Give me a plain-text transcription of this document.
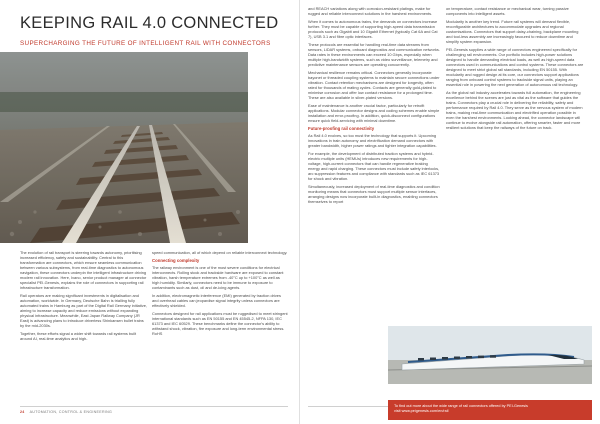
KEEPING RAIL 4.0 CONNECTED
SUPERCHARGING THE FUTURE OF INTELLIGENT RAIL WITH CONNECTORS

The evolution of rail transport is steering towards autonomy, prioritising increased efficiency, safety and sustainability. Central to this transformation are connectors, which ensure seamless communication between various subsystems, from real-time diagnostics to autonomous navigation, these connectors underpin the intelligent infrastructure driving modern rail innovation. Here, Ivano, senior product manager at connector specialist PEI-Genesis, explains the role of connectors in supporting rail infrastructure transformation.

Rail operators are making significant investments in digitalisation and automation, worldwide. In Germany, Deutsche Bahn is trialling fully automated trains in Hamburg as part of the Digital Rail Germany initiative, aiming to increase capacity and reduce emissions without expanding physical infrastructure. Meanwhile, East Japan Railway Company (JR East) is advancing plans to introduce driverless Shinkansen bullet trains by the mid-2030s.

Together, these efforts signal a wider shift towards rail systems built around AI, real-time analytics and high-

speed communication, all of which depend on reliable interconnect technology.

Connecting complexity

The railway environment is one of the most severe conditions for electrical interconnects. Rolling stock and trackside hardware are exposed to constant vibration, harsh temperature extremes from -40°C up to +100°C as well as high humidity. Similarly, connectors need to be immune to exposure to contaminants such as dust, oil and de-icing agents.

In addition, electromagnetic interference (EMI) generated by traction drives and overhead cables can jeopardise signal integrity unless connectors are effectively shielded.

Connectors designed for rail applications must be ruggedised to meet stringent international standards such as EN 50155 and EN 45545-2, NFPA 130, IEC 61373 and IEC 60529. These benchmarks define the connector's ability to withstand shock, vibration, fire exposure and long-term environmental stress. RoHS

24 AUTOMATION, CONTROL & ENGINEERING

and REACH variations along with corrosion-resistant platings, make for rugged and reliable interconnect solutions in the harshest environments.

When it comes to autonomous trains, the demands on connectors increase further. They must be capable of supporting high-speed data transmission protocols such as Gigabit and 10 Gigabit Ethernet (typically Cat 6A and Cat 7), USB 3.1 and fibre optic interfaces.

These protocols are essential for handling real-time data streams from sensors, LiDAR systems, onboard diagnostics and communication networks. Data rates in these environments can exceed 10 Gbps, especially when multiple high-bandwidth systems, such as video surveillance, telemetry and predictive maintenance sensors are operating concurrently.

Mechanical resilience remains critical. Connectors generally incorporate bayonet or threaded coupling systems to maintain secure connections under vibration. Contact retention mechanisms are designed for longevity, often rated for thousands of mating cycles. Contacts are generally gold-plated to minimise corrosion and offer low contact resistance for a prolonged time. These are also available in silver-plated versions.

Ease of maintenance is another crucial factor, particularly for retrofit applications. Modular connector designs and coding schemes enable simple installation and error-proofing. In addition, quick-disconnect configurations ensure quick field-servicing with minimal downtime.

Future-proofing rail connectivity

As Rail 4.0 evolves, so too must the technology that supports it. Upcoming innovations in train autonomy and electrification demand connectors with greater bandwidth, higher power ratings and tighter integration capabilities.

For example, the development of distributed traction systems and hybrid-electric multiple units (HEMUs) introduces new requirements for high-voltage, high-current connectors that can handle regenerative braking energy and rapid charging. These connectors must include safety interlocks, arc suppression features and compliance with standards such as IEC 61373 for shock and vibration.

Simultaneously, increased deployment of real-time diagnostics and condition monitoring means that connectors must support multiple sensor interfaces, arranging designs now incorporate built-in diagnostics, enabling connectors themselves to report

on temperature, contact resistance or mechanical wear, turning passive components into intelligent assets.

Modularity is another key trend. Future rail systems will demand flexible, reconfigurable architectures to accommodate upgrades and regional customisations. Connectors that support daisy-chaining, backplane mounting and tool-less assembly are increasingly favoured to reduce downtime and simplify system expansion.

PEI-Genesis supplies a wide range of connectors engineered specifically for challenging rail environments. Our portfolio includes high-power solutions designed to handle demanding electrical loads, as well as high-speed data connectors used in communications and control systems. These connectors are designed to meet strict global rail standards, including EN 50155. With modularity and rugged design at its core, our connectors support applications ranging from onboard control systems to trackside signal units, playing an essential role in powering the next generation of autonomous rail technology.

As the global rail industry accelerates towards full automation, the engineering excellence behind the scenes are just as vital as the software that guides the trains. Connectors play a crucial role in delivering the reliability, safety and performance required by Rail 4.0. They serve as the nervous system of modern trains, making real-time communication and electrified operation possible in even the harshest environments. Looking ahead, the connector landscape will continue to evolve alongside rail automation, offering smarter, faster and more resilient solutions that keep the railways of the future on track.

To find out more about the wide range of rail connectors offered by PEI-Genesis
visit www.peigenesis.com/en/rail
